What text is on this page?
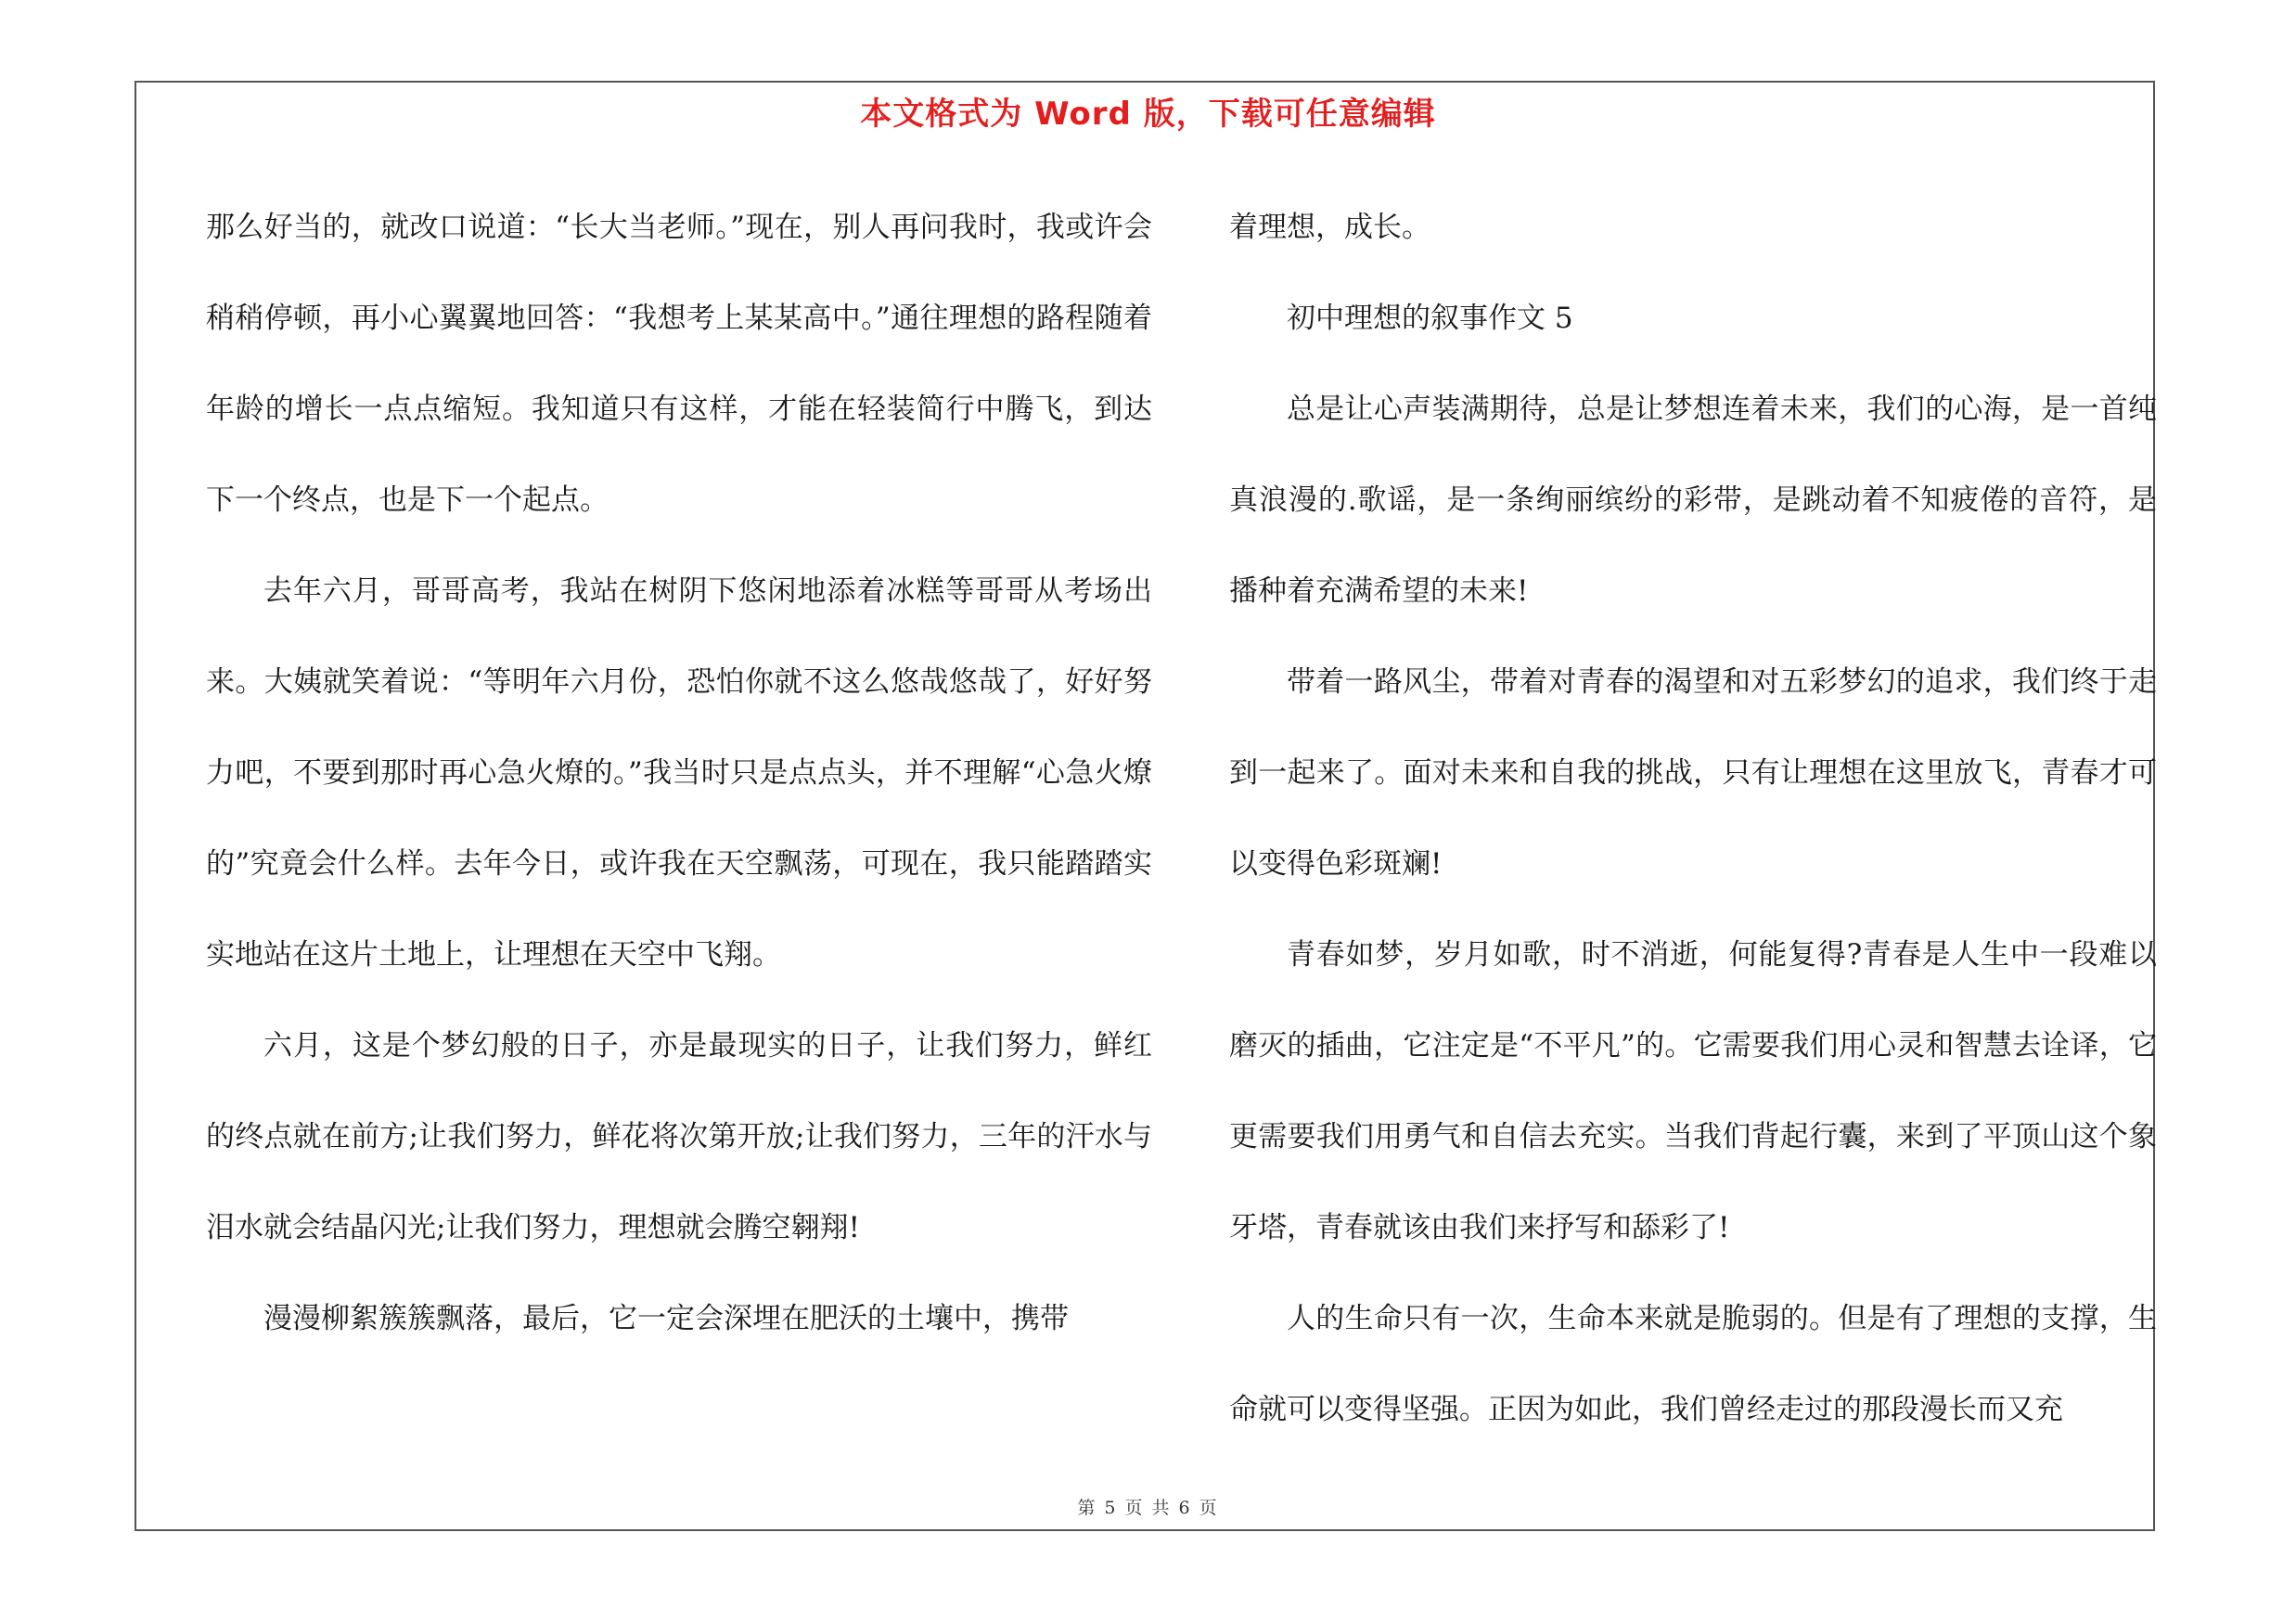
本文格式为 Word 版，下载可任意编辑

那么好当的，就改口说道：“长大当老师。”现在，别人再问我时，我或许会稍稍停顿，再小心翼翼地回答：“我想考上某某高中。”通往理想的路程随着年龄的增长一点点缩短。我知道只有这样，才能在轻装简行中腾飞，到达下一个终点，也是下一个起点。

去年六月，哥哥高考，我站在树阴下悠闲地添着冰糕等哥哥从考场出来。大姨就笑着说：“等明年六月份，恐怕你就不这么悠哉悠哉了，好好努力吧，不要到那时再心急火燎的。”我当时只是点点头，并不理解“心急火燎的”究竟会什么样。去年今日，或许我在天空飘荡，可现在，我只能踏踏实实地站在这片土地上，让理想在天空中飞翔。

六月，这是个梦幻般的日子，亦是最现实的日子，让我们努力，鲜红的终点就在前方;让我们努力，鲜花将次第开放;让我们努力，三年的汗水与泪水就会结晶闪光;让我们努力，理想就会腾空翱翔!

漫漫柳絮簇簇飘落，最后，它一定会深埋在肥沃的土壤中，携带

着理想，成长。

初中理想的叙事作文 5

总是让心声装满期待，总是让梦想连着未来，我们的心海，是一首纯真浪漫的.歌谣，是一条绚丽缤纷的彩带，是跳动着不知疲倦的音符，是播种着充满希望的未来!

带着一路风尘，带着对青春的渴望和对五彩梦幻的追求，我们终于走到一起来了。面对未来和自我的挑战，只有让理想在这里放飞，青春才可以变得色彩斑斓!

青春如梦，岁月如歌，时不消逝，何能复得?青春是人生中一段难以磨灭的插曲，它注定是“不平凡”的。它需要我们用心灵和智慧去诠译，它更需要我们用勇气和自信去充实。当我们背起行囊，来到了平顶山这个象牙塔，青春就该由我们来抒写和舔彩了!

人的生命只有一次，生命本来就是脆弱的。但是有了理想的支撑，生命就可以变得坚强。正因为如此，我们曾经走过的那段漫长而又充

第 5 页 共 6 页
